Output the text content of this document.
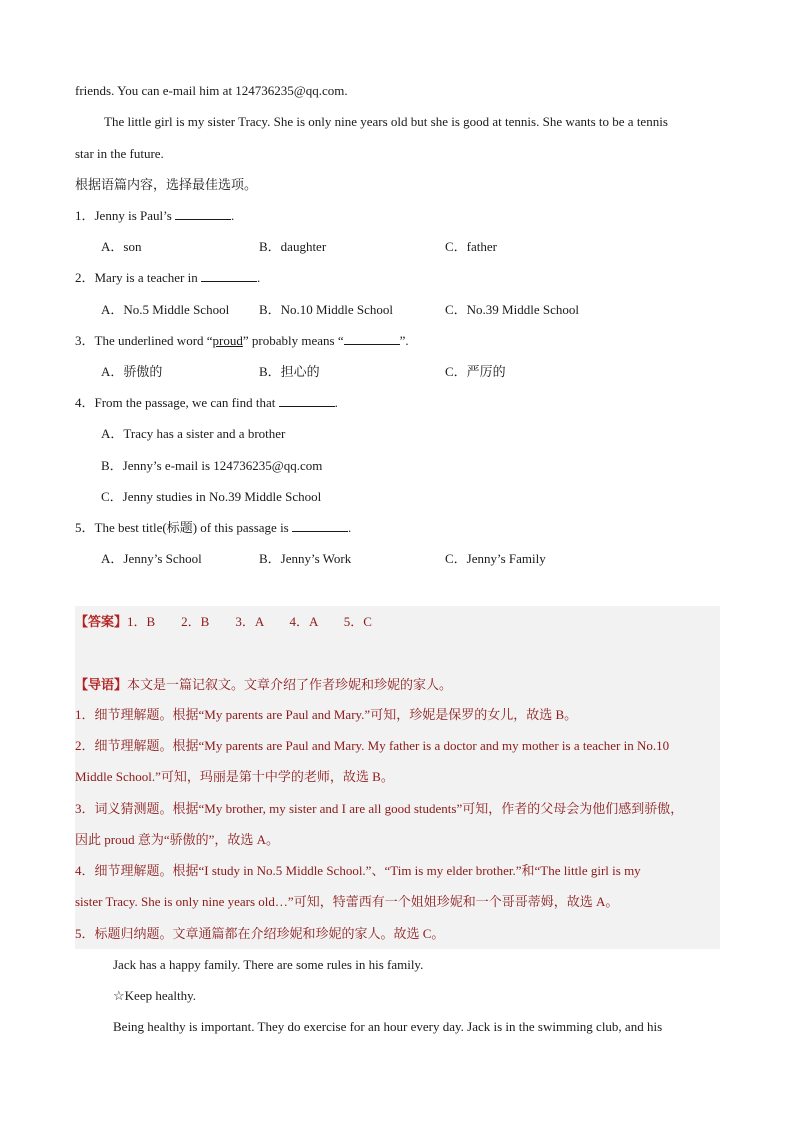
friends. You can e-mail him at 124736235@qq.com.
The little girl is my sister Tracy. She is only nine years old but she is good at tennis. She wants to be a tennis
star in the future.
根据语篇内容，选择最佳选项。
1．Jenny is Paul’s	.
A．son	B．daughter	C．father
2．Mary is a teacher in	.
A．No.5 Middle School B．No.10 Middle School	C．No.39 Middle School
3．The underlined word “proud” probably means “	”.
A．骄傲的	B．担心的	C．严厉的
4．From the passage, we can find that	.
A．Tracy has a sister and a brother
B．Jenny’s e-mail is 124736235@qq.com
C．Jenny studies in No.39 Middle School
5．The best title(标题) of this passage is	.
A．Jenny’s School	B．Jenny’s Work	C．Jenny’s Family
【答案】1．B　　2．B　　3．A　　4．A　　5．C
【导语】本文是一篇记叙文。文章介绍了作者珍妮和珍妮的家人。
1．细节理解题。根据“My parents are Paul and Mary.”可知，珍妮是保罗的女儿，故选 B。
2．细节理解题。根据“My parents are Paul and Mary. My father is a doctor and my mother is a teacher in No.10
Middle School.”可知，玛丽是第十中学的老师，故选 B。
3．词义猜测题。根据“My brother, my sister and I are all good students”可知，作者的父母会为他们感到骄傲，
因此 proud 意为“骄傲的”，故选 A。
4．细节理解题。根据“I study in No.5 Middle School.”、“Tim is my elder brother.”和“The little girl is my
sister Tracy. She is only nine years old…”可知，特蕾西有一个姐姐珍妮和一个哥哥蒂姆，故选 A。
5．标题归纳题。文章通篇都在介绍珍妮和珍妮的家人。故选 C。
Jack has a happy family. There are some rules in his family.
☆Keep healthy.
Being healthy is important. They do exercise for an hour every day. Jack is in the swimming club, and his
